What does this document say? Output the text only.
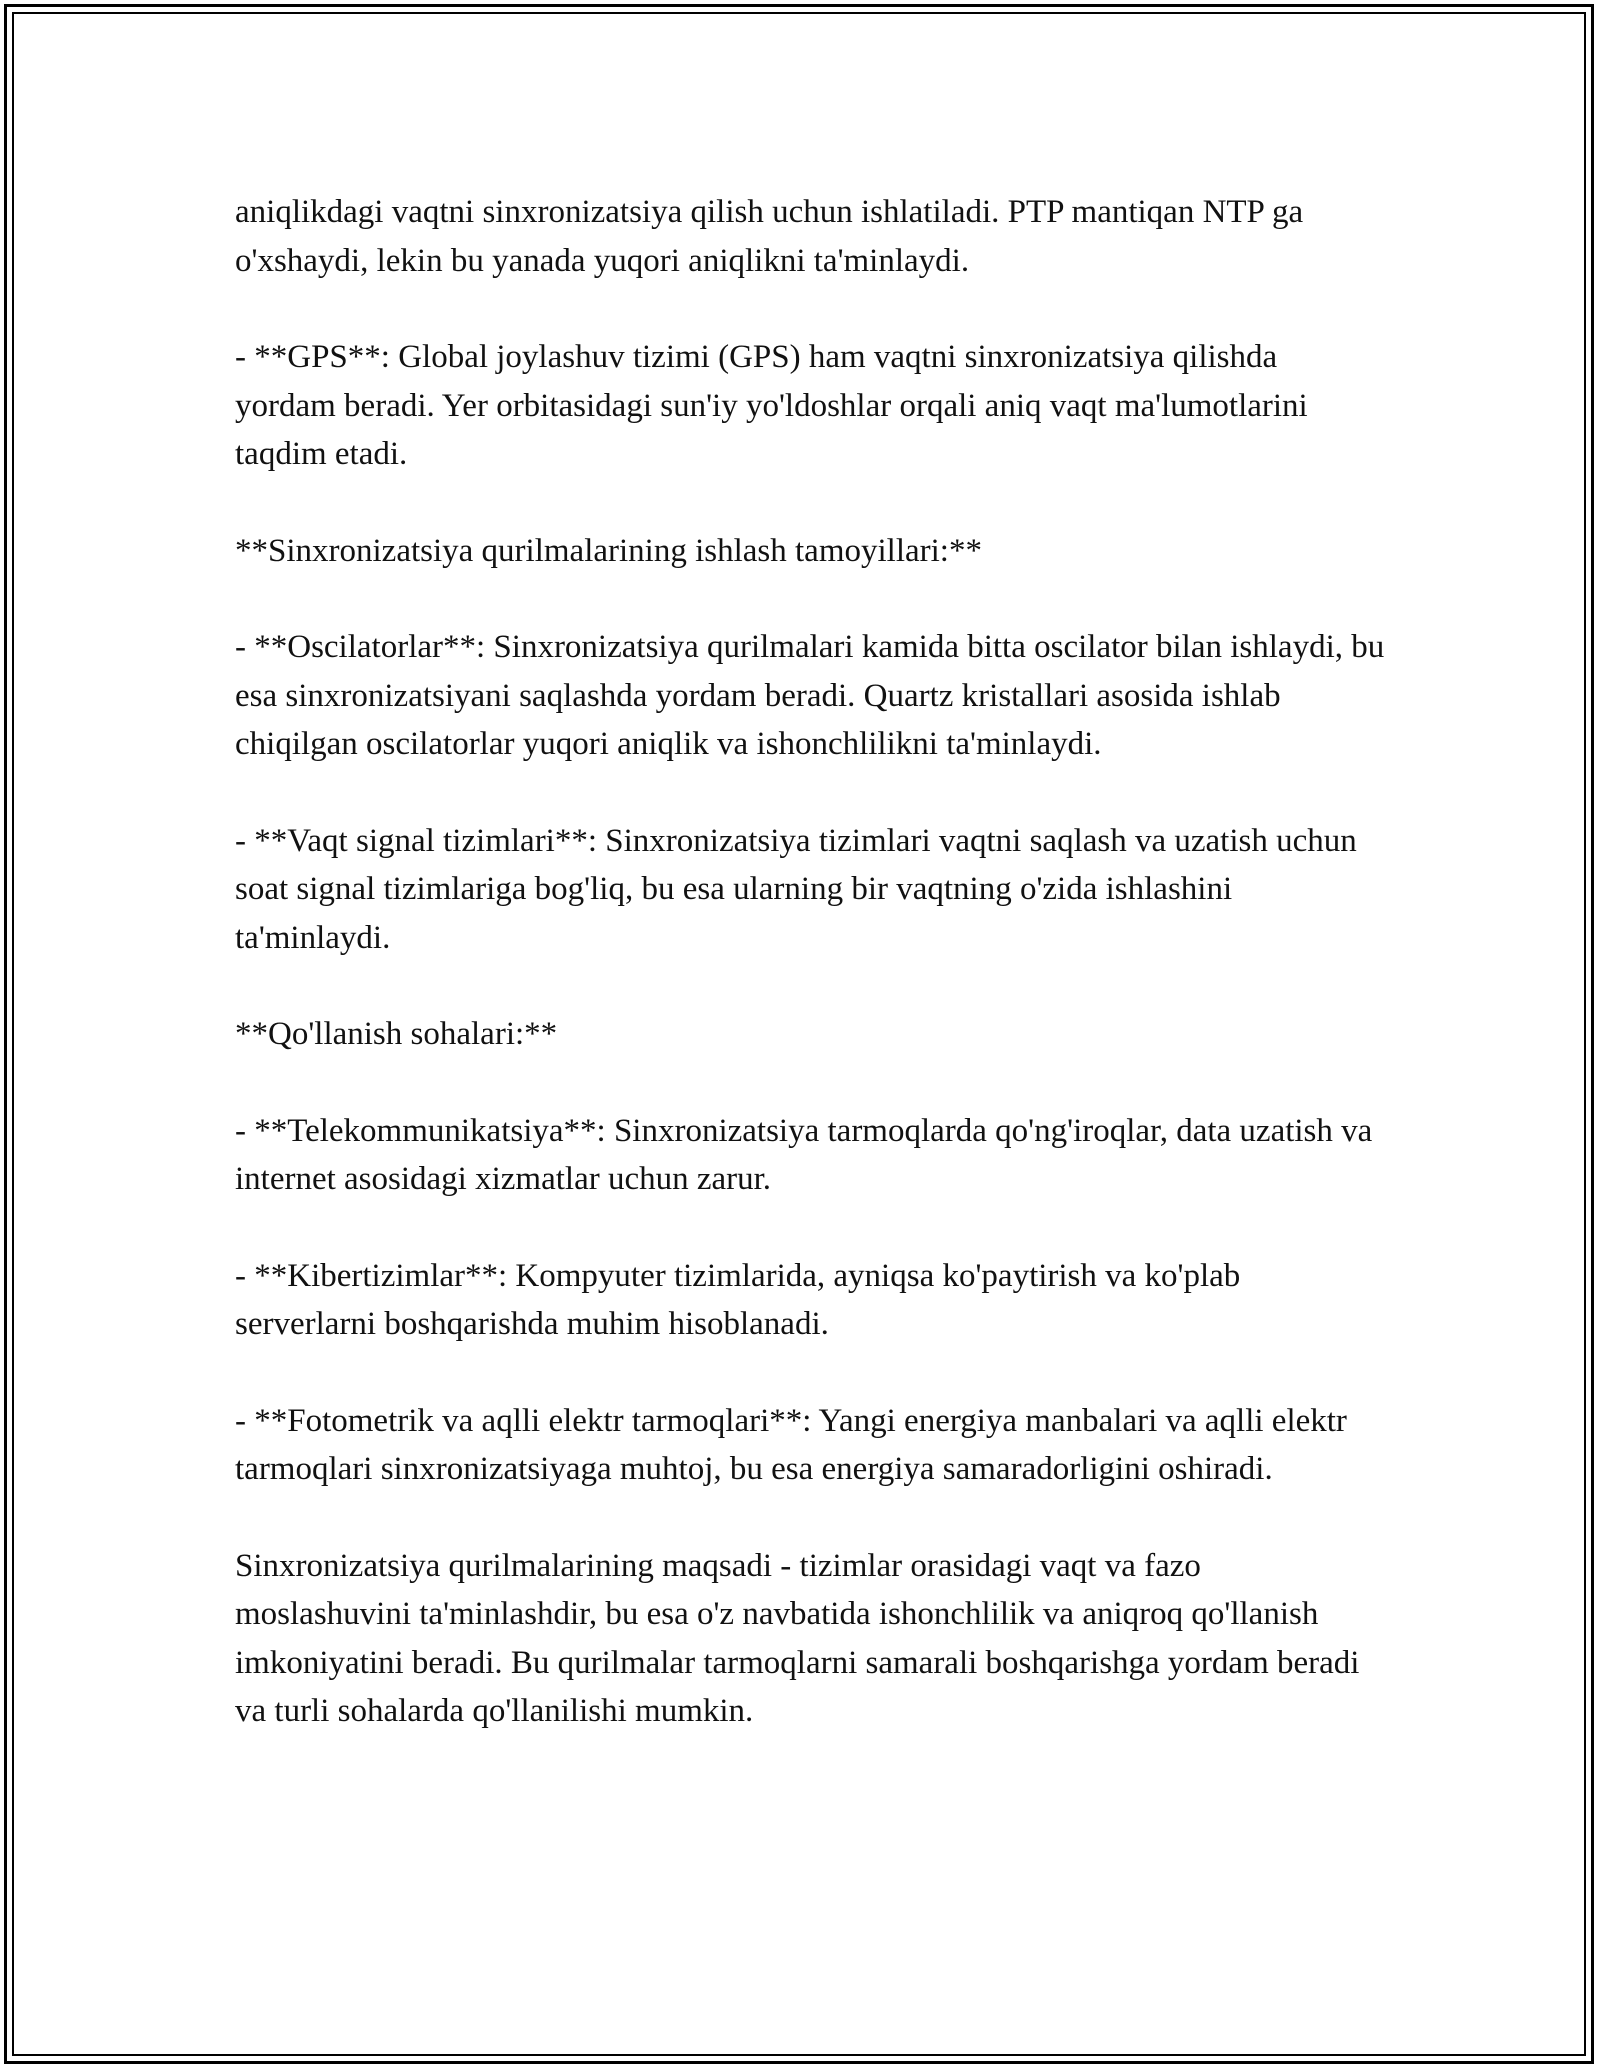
aniqlikdagi vaqtni sinxronizatsiya qilish uchun ishlatiladi. PTP mantiqan NTP ga o'xshaydi, lekin bu yanada yuqori aniqlikni ta'minlaydi.

- **GPS**: Global joylashuv tizimi (GPS) ham vaqtni sinxronizatsiya qilishda yordam beradi. Yer orbitasidagi sun'iy yo'ldoshlar orqali aniq vaqt ma'lumotlarini taqdim etadi.

**Sinxronizatsiya qurilmalarining ishlash tamoyillari:**

- **Oscilatorlar**: Sinxronizatsiya qurilmalari kamida bitta oscilator bilan ishlaydi, bu esa sinxronizatsiyani saqlashda yordam beradi. Quartz kristallari asosida ishlab chiqilgan oscilatorlar yuqori aniqlik va ishonchlilikni ta'minlaydi.

- **Vaqt signal tizimlari**: Sinxronizatsiya tizimlari vaqtni saqlash va uzatish uchun soat signal tizimlariga bog'liq, bu esa ularning bir vaqtning o'zida ishlashini ta'minlaydi.

**Qo'llanish sohalari:**

- **Telekommunikatsiya**: Sinxronizatsiya tarmoqlarda qo'ng'iroqlar, data uzatish va internet asosidagi xizmatlar uchun zarur.

- **Kibertizimlar**: Kompyuter tizimlarida, ayniqsa ko'paytirish va ko'plab serverlarni boshqarishda muhim hisoblanadi.

- **Fotometrik va aqlli elektr tarmoqlari**: Yangi energiya manbalari va aqlli elektr tarmoqlari sinxronizatsiyaga muhtoj, bu esa energiya samaradorligini oshiradi.

Sinxronizatsiya qurilmalarining maqsadi - tizimlar orasidagi vaqt va fazo moslashuvini ta'minlashdir, bu esa o'z navbatida ishonchlilik va aniqroq qo'llanish imkoniyatini beradi. Bu qurilmalar tarmoqlarni samarali boshqarishga yordam beradi va turli sohalarda qo'llanilishi mumkin.
